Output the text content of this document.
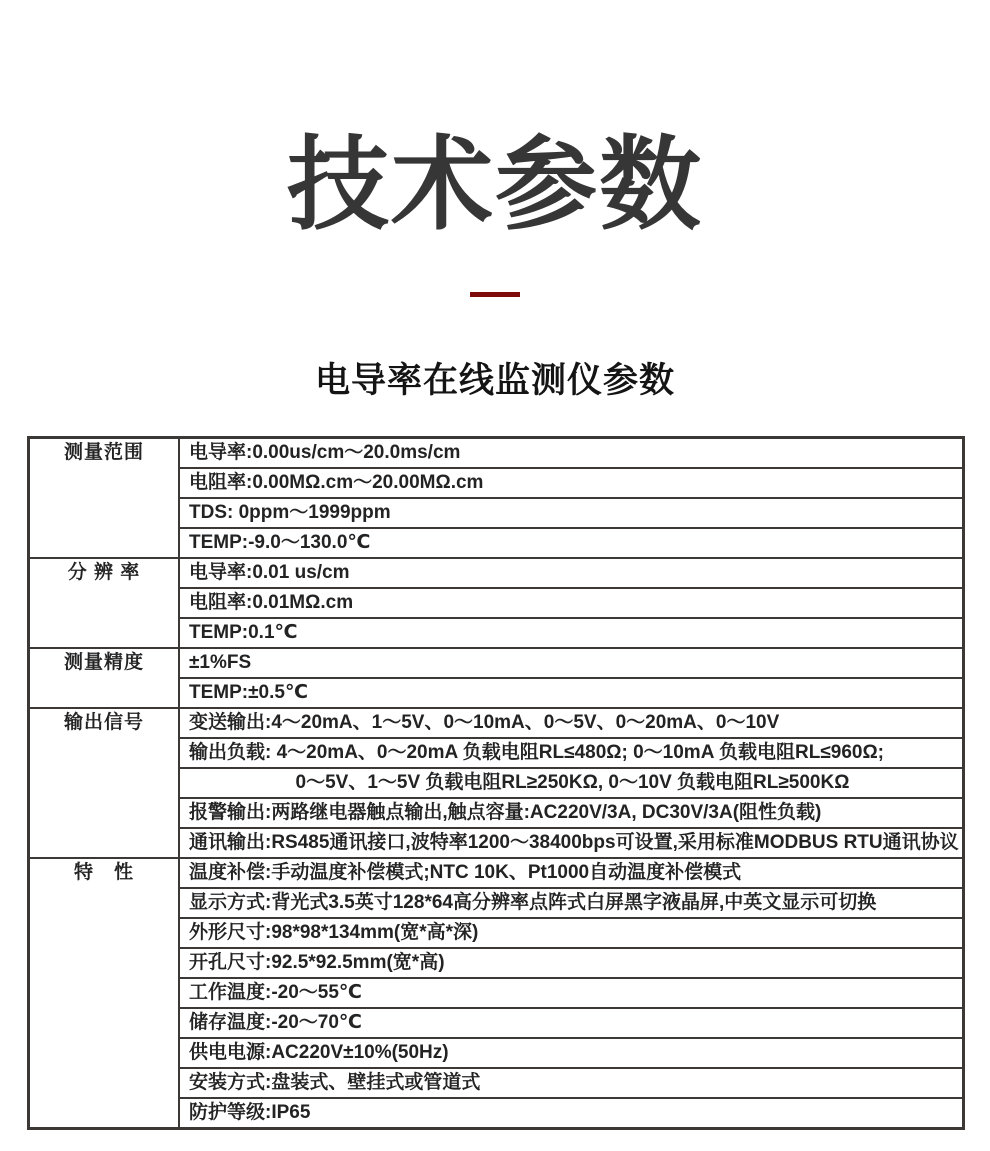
技术参数
电导率在线监测仪参数
测量范围	电导率:0.00us/cm～20.0ms/cm
	电阻率:0.00MΩ.cm～20.00MΩ.cm
	TDS: 0ppm～1999ppm
	TEMP:-9.0～130.0℃
分 辨 率	电导率:0.01 us/cm
	电阻率:0.01MΩ.cm
	TEMP:0.1℃
测量精度	±1%FS
	TEMP:±0.5℃
输出信号	变送输出:4～20mA、1～5V、0～10mA、0～5V、0～20mA、0～10V
	输出负载: 4～20mA、0～20mA 负载电阻RL≤480Ω; 0～10mA 负载电阻RL≤960Ω;
	0～5V、1～5V 负载电阻RL≥250KΩ, 0～10V 负载电阻RL≥500KΩ
	报警输出:两路继电器触点输出,触点容量:AC220V/3A, DC30V/3A(阻性负载)
	通讯输出:RS485通讯接口,波特率1200～38400bps可设置,采用标准MODBUS RTU通讯协议
特　性	温度补偿:手动温度补偿模式;NTC 10K、Pt1000自动温度补偿模式
	显示方式:背光式3.5英寸128*64高分辨率点阵式白屏黑字液晶屏,中英文显示可切换
	外形尺寸:98*98*134mm(宽*高*深)
	开孔尺寸:92.5*92.5mm(宽*高)
	工作温度:-20～55℃
	储存温度:-20～70℃
	供电电源:AC220V±10%(50Hz)
	安装方式:盘装式、壁挂式或管道式
	防护等级:IP65
